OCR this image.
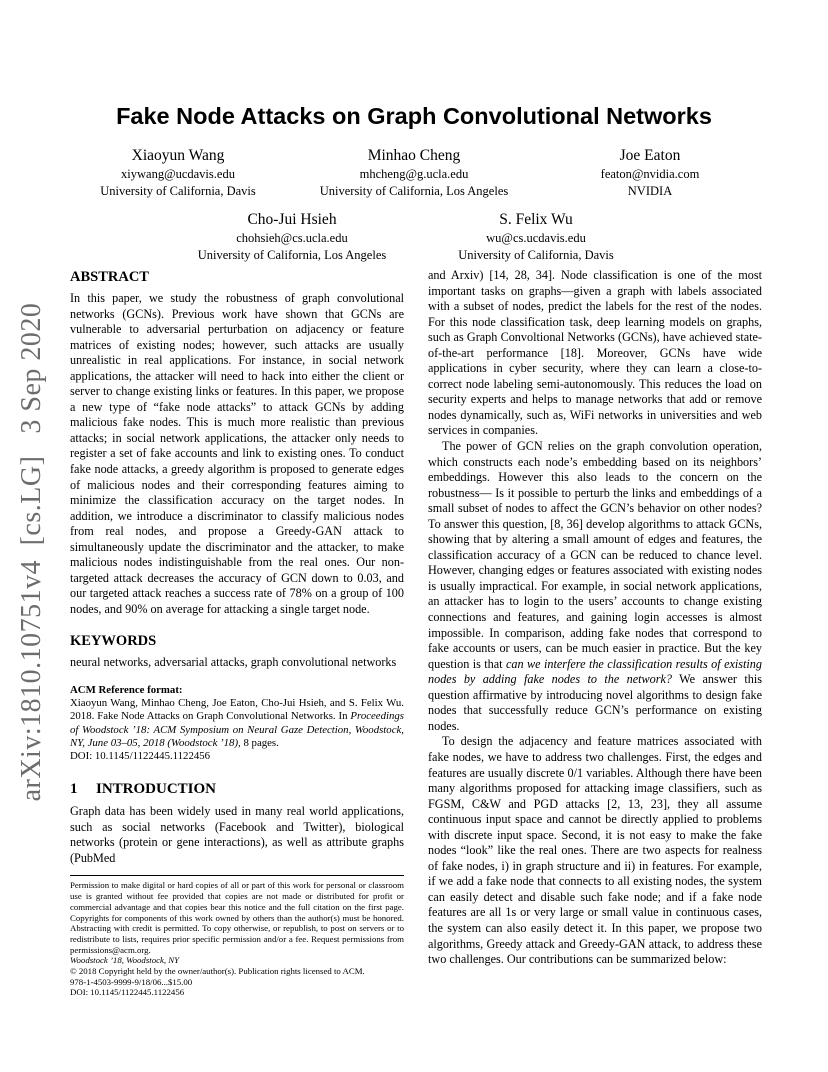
arXiv:1810.10751v4 [cs.LG]  3 Sep 2020
Fake Node Attacks on Graph Convolutional Networks
Xiaoyun Wang
xiywang@ucdavis.edu
University of California, Davis
Minhao Cheng
mhcheng@g.ucla.edu
University of California, Los Angeles
Joe Eaton
featon@nvidia.com
NVIDIA
Cho-Jui Hsieh
chohsieh@cs.ucla.edu
University of California, Los Angeles
S. Felix Wu
wu@cs.ucdavis.edu
University of California, Davis
ABSTRACT

In this paper, we study the robustness of graph convolutional networks (GCNs). Previous work have shown that GCNs are vulnerable to adversarial perturbation on adjacency or feature matrices of existing nodes; however, such attacks are usually unrealistic in real applications. For instance, in social network applications, the attacker will need to hack into either the client or server to change existing links or features. In this paper, we propose a new type of “fake node attacks” to attack GCNs by adding malicious fake nodes. This is much more realistic than previous attacks; in social network applications, the attacker only needs to register a set of fake accounts and link to existing ones. To conduct fake node attacks, a greedy algorithm is proposed to generate edges of malicious nodes and their corresponding features aiming to minimize the classification accuracy on the target nodes. In addition, we introduce a discriminator to classify malicious nodes from real nodes, and propose a Greedy-GAN attack to simultaneously update the discriminator and the attacker, to make malicious nodes indistinguishable from the real ones. Our non-targeted attack decreases the accuracy of GCN down to 0.03, and our targeted attack reaches a success rate of 78% on a group of 100 nodes, and 90% on average for attacking a single target node.

KEYWORDS

neural networks, adversarial attacks, graph convolutional networks

ACM Reference format:

Xiaoyun Wang, Minhao Cheng, Joe Eaton, Cho-Jui Hsieh, and S. Felix Wu. 2018. Fake Node Attacks on Graph Convolutional Networks. In Proceedings of Woodstock ’18: ACM Symposium on Neural Gaze Detection, Woodstock, NY, June 03–05, 2018 (Woodstock ’18), 8 pages.

DOI: 10.1145/1122445.1122456

1 INTRODUCTION

Graph data has been widely used in many real world applications, such as social networks (Facebook and Twitter), biological networks (protein or gene interactions), as well as attribute graphs (PubMed

Permission to make digital or hard copies of all or part of this work for personal or classroom use is granted without fee provided that copies are not made or distributed for profit or commercial advantage and that copies bear this notice and the full citation on the first page. Copyrights for components of this work owned by others than the author(s) must be honored. Abstracting with credit is permitted. To copy otherwise, or republish, to post on servers or to redistribute to lists, requires prior specific permission and/or a fee. Request permissions from permissions@acm.org.

Woodstock ’18, Woodstock, NY

© 2018 Copyright held by the owner/author(s). Publication rights licensed to ACM.

978-1-4503-9999-9/18/06...$15.00

DOI: 10.1145/1122445.1122456

and Arxiv) [14, 28, 34]. Node classification is one of the most important tasks on graphs—given a graph with labels associated with a subset of nodes, predict the labels for the rest of the nodes. For this node classification task, deep learning models on graphs, such as Graph Convoltional Networks (GCNs), have achieved state-of-the-art performance [18]. Moreover, GCNs have wide applications in cyber security, where they can learn a close-to-correct node labeling semi-autonomously. This reduces the load on security experts and helps to manage networks that add or remove nodes dynamically, such as, WiFi networks in universities and web services in companies.

The power of GCN relies on the graph convolution operation, which constructs each node’s embedding based on its neighbors’ embeddings. However this also leads to the concern on the robustness— Is it possible to perturb the links and embeddings of a small subset of nodes to affect the GCN’s behavior on other nodes? To answer this question, [8, 36] develop algorithms to attack GCNs, showing that by altering a small amount of edges and features, the classification accuracy of a GCN can be reduced to chance level. However, changing edges or features associated with existing nodes is usually impractical. For example, in social network applications, an attacker has to login to the users’ accounts to change existing connections and features, and gaining login accesses is almost impossible. In comparison, adding fake nodes that correspond to fake accounts or users, can be much easier in practice. But the key question is that can we interfere the classification results of existing nodes by adding fake nodes to the network? We answer this question affirmative by introducing novel algorithms to design fake nodes that successfully reduce GCN’s performance on existing nodes.

To design the adjacency and feature matrices associated with fake nodes, we have to address two challenges. First, the edges and features are usually discrete 0/1 variables. Although there have been many algorithms proposed for attacking image classifiers, such as FGSM, C&W and PGD attacks [2, 13, 23], they all assume continuous input space and cannot be directly applied to problems with discrete input space. Second, it is not easy to make the fake nodes “look” like the real ones. There are two aspects for realness of fake nodes, i) in graph structure and ii) in features. For example, if we add a fake node that connects to all existing nodes, the system can easily detect and disable such fake node; and if a fake node features are all 1s or very large or small value in continuous cases, the system can also easily detect it. In this paper, we propose two algorithms, Greedy attack and Greedy-GAN attack, to address these two challenges. Our contributions can be summarized below:
